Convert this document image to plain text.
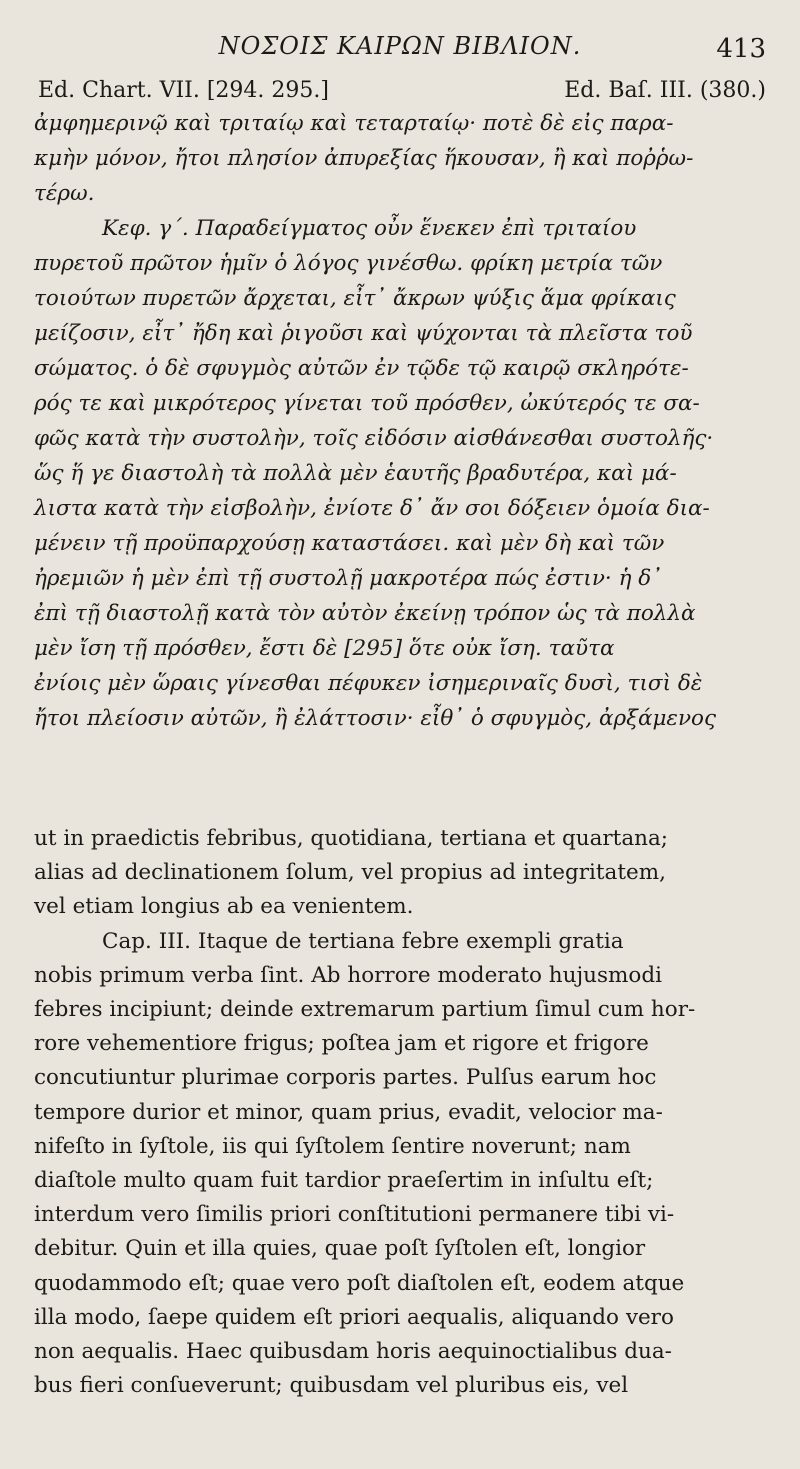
ΝΟΣΟΙΣ ΚΑΙΡΩΝ ΒΙΒΛΙΟΝ.	413
Ed. Chart. VII. [294. 295.]	Ed. Baſ. III. (380.)
ἀμφημερινῷ καὶ τριταίῳ καὶ τεταρταίῳ· ποτὲ δὲ εἰς παρα-
κμὴν μόνον, ἤτοι πλησίον ἀπυρεξίας ἥκουσαν, ἢ καὶ ποῤῥω-
τέρω.
Κεφ. γ΄. Παραδείγματος οὖν ἕνεκεν ἐπὶ τριταίου
πυρετοῦ πρῶτον ἡμῖν ὁ λόγος γινέσθω. φρίκη μετρία τῶν
τοιούτων πυρετῶν ἄρχεται, εἶτ᾽ ἄκρων ψύξις ἅμα φρίκαις
μείζοσιν, εἶτ᾽ ἤδη καὶ ῥιγοῦσι καὶ ψύχονται τὰ πλεῖστα τοῦ
σώματος. ὁ δὲ σφυγμὸς αὐτῶν ἐν τῷδε τῷ καιρῷ σκληρότε-
ρός τε καὶ μικρότερος γίνεται τοῦ πρόσθεν, ὠκύτερός τε σα-
φῶς κατὰ τὴν συστολὴν, τοῖς εἰδόσιν αἰσθάνεσθαι συστολῆς·
ὥς ἥ γε διαστολὴ τὰ πολλὰ μὲν ἑαυτῆς βραδυτέρα, καὶ μά-
λιστα κατὰ τὴν εἰσβολὴν, ἐνίοτε δ᾽ ἄν σοι δόξειεν ὁμοία δια-
μένειν τῇ προϋπαρχούσῃ καταστάσει. καὶ μὲν δὴ καὶ τῶν
ἠρεμιῶν ἡ μὲν ἐπὶ τῇ συστολῇ μακροτέρα πώς ἐστιν· ἡ δ᾽
ἐπὶ τῇ διαστολῇ κατὰ τὸν αὐτὸν ἐκείνῃ τρόπον ὡς τὰ πολλὰ
μὲν ἴση τῇ πρόσθεν, ἔστι δὲ [295] ὅτε οὐκ ἴση. ταῦτα
ἐνίοις μὲν ὥραις γίνεσθαι πέφυκεν ἰσημεριναῖς δυσὶ, τισὶ δὲ
ἤτοι πλείοσιν αὐτῶν, ἢ ἐλάττοσιν· εἶθ᾽ ὁ σφυγμὸς, ἀρξάμενος
ut in praedictis febribus, quotidiana, tertiana et quartana;
alias ad declinationem ſolum, vel propius ad integritatem,
vel etiam longius ab ea venientem.
Cap. III. Itaque de tertiana febre exempli gratia
nobis primum verba ſint. Ab horrore moderato hujusmodi
febres incipiunt; deinde extremarum partium ſimul cum hor-
rore vehementiore frigus; poſtea jam et rigore et frigore
concutiuntur plurimae corporis partes. Pulſus earum hoc
tempore durior et minor, quam prius, evadit, velocior ma-
nifeſto in ſyſtole, iis qui ſyſtolem ſentire noverunt; nam
diaſtole multo quam fuit tardior praeſertim in inſultu eſt;
interdum vero ſimilis priori conſtitutioni permanere tibi vi-
debitur. Quin et illa quies, quae poſt ſyſtolen eſt, longior
quodammodo eſt; quae vero poſt diaſtolen eſt, eodem atque
illa modo, ſaepe quidem eſt priori aequalis, aliquando vero
non aequalis. Haec quibusdam horis aequinoctialibus dua-
bus fieri conſueverunt; quibusdam vel pluribus eis, vel
